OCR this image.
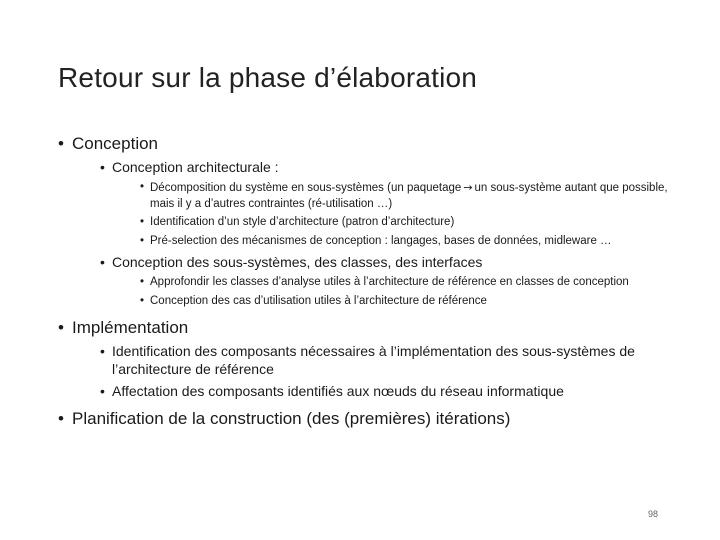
Retour sur la phase d’élaboration
• Conception
• Conception architecturale :
• Décomposition du système en sous-systèmes (un paquetage → un sous-système autant que possible, mais il y a d’autres contraintes (ré-utilisation …)
• Identification d’un style d’architecture (patron d’architecture)
• Pré-selection des mécanismes de conception : langages, bases de données, midleware …
• Conception des sous-systèmes, des classes, des interfaces
• Approfondir les classes d’analyse utiles à l’architecture de référence en classes de conception
• Conception des cas d’utilisation utiles à l’architecture de référence
• Implémentation
• Identification des composants nécessaires à l’implémentation des sous-systèmes de l’architecture de référence
• Affectation des composants identifiés aux nœuds du réseau informatique
• Planification de la construction (des (premières) itérations)
98
